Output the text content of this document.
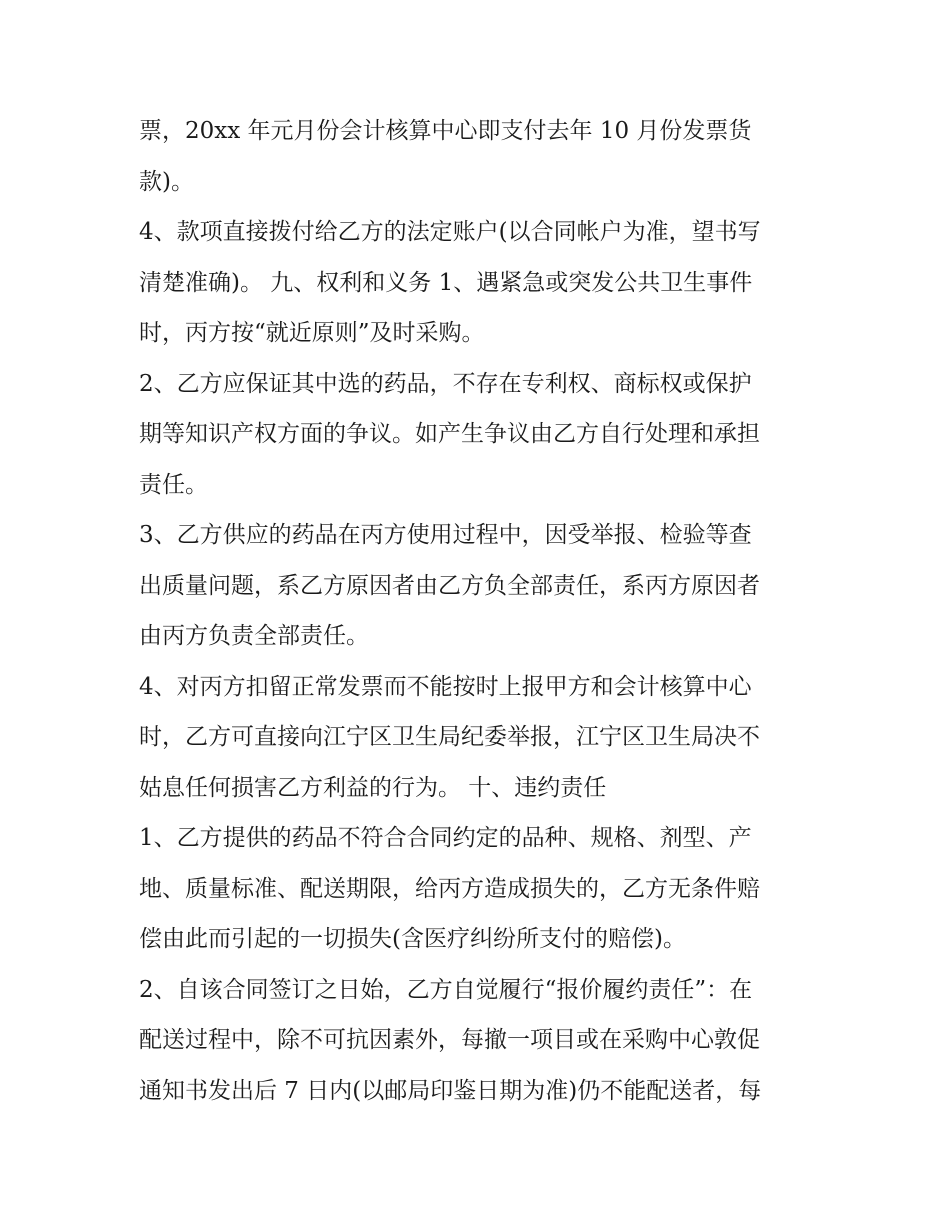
票，20xx 年元月份会计核算中心即支付去年 10 月份发票货
款)。
4、款项直接拨付给乙方的法定账户(以合同帐户为准，望书写
清楚准确)。 九、权利和义务 1、遇紧急或突发公共卫生事件
时，丙方按“就近原则”及时采购。
2、乙方应保证其中选的药品，不存在专利权、商标权或保护
期等知识产权方面的争议。如产生争议由乙方自行处理和承担
责任。
3、乙方供应的药品在丙方使用过程中，因受举报、检验等查
出质量问题，系乙方原因者由乙方负全部责任，系丙方原因者
由丙方负责全部责任。
4、对丙方扣留正常发票而不能按时上报甲方和会计核算中心
时，乙方可直接向江宁区卫生局纪委举报，江宁区卫生局决不
姑息任何损害乙方利益的行为。 十、违约责任
1、乙方提供的药品不符合合同约定的品种、规格、剂型、产
地、质量标准、配送期限，给丙方造成损失的，乙方无条件赔
偿由此而引起的一切损失(含医疗纠纷所支付的赔偿)。
2、自该合同签订之日始，乙方自觉履行“报价履约责任”：在
配送过程中，除不可抗因素外，每撤一项目或在采购中心敦促
通知书发出后 7 日内(以邮局印鉴日期为准)仍不能配送者，每
